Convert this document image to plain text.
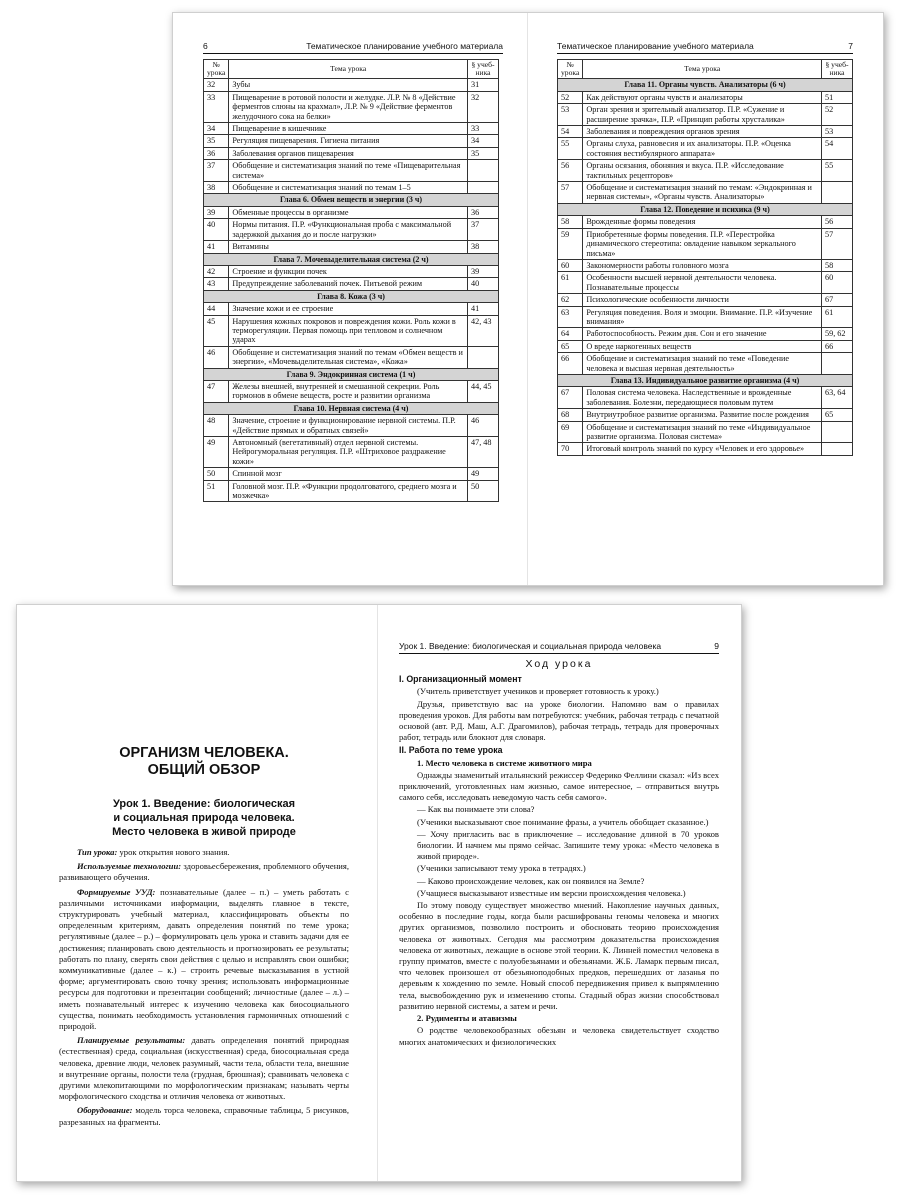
6	Тематическое планирование учебного материала	Тематическое планирование учебного материала	7
№ урока	Тема урока	§ учеб-ника
32	Зубы	31
33	Пищеварение в ротовой полости и желудке. Л.Р. № 8 «Действие ферментов слюны на крахмал», Л.Р. № 9 «Действие ферментов желудочного сока на белки»	32
34	Пищеварение в кишечнике	33
35	Регуляция пищеварения. Гигиена питания	34
36	Заболевания органов пищеварения	35
37	Обобщение и систематизация знаний по теме «Пищеварительная система»	
38	Обобщение и систематизация знаний по темам 1–5	
Глава 6. Обмен веществ и энергии (3 ч)		
39	Обменные процессы в организме	36
40	Нормы питания. П.Р. «Функциональная проба с максимальной задержкой дыхания до и после нагрузки»	37
41	Витамины	38
Глава 7. Мочевыделительная система (2 ч)		
42	Строение и функции почек	39
43	Предупреждение заболеваний почек. Питьевой режим	40
Глава 8. Кожа (3 ч)		
44	Значение кожи и ее строение	41
45	Нарушения кожных покровов и повреждения кожи. Роль кожи в терморегуляции. Первая помощь при тепловом и солнечном ударах	42, 43
46	Обобщение и систематизация знаний по темам «Обмен веществ и энергии», «Мочевыделительная система», «Кожа»	
Глава 9. Эндокринная система (1 ч)		
47	Железы внешней, внутренней и смешанной секреции. Роль гормонов в обмене веществ, росте и развитии организма	44, 45
Глава 10. Нервная система (4 ч)		
48	Значение, строение и функционирование нервной системы. П.Р. «Действие прямых и обратных связей»	46
49	Автономный (вегетативный) отдел нервной системы. Нейрогуморальная регуляция. П.Р. «Штриховое раздражение кожи»	47, 48
50	Спинной мозг	49
51	Головной мозг. П.Р. «Функции продолговатого, среднего мозга и мозжечка»	50
№ урока	Тема урока	§ учеб-ника
Глава 11. Органы чувств. Анализаторы (6 ч)		
52	Как действуют органы чувств и анализаторы	51
53	Орган зрения и зрительный анализатор. П.Р. «Сужение и расширение зрачка», П.Р. «Принцип работы хрусталика»	52
54	Заболевания и повреждения органов зрения	53
55	Органы слуха, равновесия и их анализаторы. П.Р. «Оценка состояния вестибулярного аппарата»	54
56	Органы осязания, обоняния и вкуса. П.Р. «Исследование тактильных рецепторов»	55
57	Обобщение и систематизация знаний по темам: «Эндокринная и нервная системы», «Органы чувств. Анализаторы»	
Глава 12. Поведение и психика (9 ч)		
58	Врожденные формы поведения	56
59	Приобретенные формы поведения. П.Р. «Перестройка динамического стереотипа: овладение навыком зеркального письма»	57
60	Закономерности работы головного мозга	58
61	Особенности высшей нервной деятельности человека. Познавательные процессы	60
62	Психологические особенности личности	67
63	Регуляция поведения. Воля и эмоции. Внимание. П.Р. «Изучение внимания»	61
64	Работоспособность. Режим дня. Сон и его значение	59, 62
65	О вреде наркогенных веществ	66
66	Обобщение и систематизация знаний по теме «Поведение человека и высшая нервная деятельность»	
Глава 13. Индивидуальное развитие организма (4 ч)		
67	Половая система человека. Наследственные и врожденные заболевания. Болезни, передающиеся половым путем	63, 64
68	Внутриутробное развитие организма. Развитие после рождения	65
69	Обобщение и систематизация знаний по теме «Индивидуальное развитие организма. Половая система»	
70	Итоговый контроль знаний по курсу «Человек и его здоровье»	
Урок 1. Введение: биологическая и социальная природа человека	9
ОРГАНИЗМ ЧЕЛОВЕКА.
ОБЩИЙ ОБЗОР
Урок 1. Введение: биологическая
и социальная природа человека.
Место человека в живой природе

Тип урока: урок открытия нового знания.

Используемые технологии: здоровьесбережения, проблемного обучения, развивающего обучения.

Формируемые УУД: познавательные (далее – п.) – уметь работать с различными источниками информации, выделять главное в тексте, структурировать учебный материал, классифицировать объекты по определенным критериям, давать определения понятий по теме урока; регулятивные (далее – р.) – формулировать цель урока и ставить задачи для ее достижения; планировать свою деятельность и прогнозировать ее результаты; работать по плану, сверять свои действия с целью и исправлять свои ошибки; коммуникативные (далее – к.) – строить речевые высказывания в устной форме; аргументировать свою точку зрения; использовать информационные ресурсы для подготовки и презентации сообщений; личностные (далее – л.) – иметь познавательный интерес к изучению человека как биосоциального существа, понимать необходимость установления гармоничных отношений с природой.

Планируемые результаты: давать определения понятий природная (естественная) среда, социальная (искусственная) среда, биосоциальная среда человека, древние люди, человек разумный, части тела, области тела, внешние и внутренние органы, полости тела (грудная, брюшная); сравнивать человека с другими млекопитающими по морфологическим признакам; называть черты морфологического сходства и отличия человека от животных.

Оборудование: модель торса человека, справочные таблицы, 5 рисунков, разрезанных на фрагменты.

Ход урока
I. Организационный момент

(Учитель приветствует учеников и проверяет готовность к уроку.)

Друзья, приветствую вас на уроке биологии. Напомню вам о правилах проведения уроков. Для работы вам потребуются: учебник, рабочая тетрадь с печатной основой (авт. Р.Д. Маш, А.Г. Драгомилов), рабочая тетрадь, тетрадь для проверочных работ, тетрадь или блокнот для словаря.

II. Работа по теме урока
1. Место человека в системе животного мира

Однажды знаменитый итальянский режиссер Федерико Феллини сказал: «Из всех приключений, уготовленных нам жизнью, самое интересное, – отправиться внутрь самого себя, исследовать неведомую часть себя самого».

— Как вы понимаете эти слова?

(Ученики высказывают свое понимание фразы, а учитель обобщает сказанное.)

— Хочу пригласить вас в приключение – исследование длиной в 70 уроков биологии. И начнем мы прямо сейчас. Запишите тему урока: «Место человека в живой природе».

(Ученики записывают тему урока в тетрадях.)

— Каково происхождение человек, как он появился на Земле?

(Учащиеся высказывают известные им версии происхождения человека.)

По этому поводу существует множество мнений. Накопление научных данных, особенно в последние годы, когда были расшифрованы геномы человека и многих других организмов, позволило построить и обосновать теорию происхождения человека от животных. Сегодня мы рассмотрим доказательства происхождения человека от животных, лежащие в основе этой теории. К. Линней поместил человека в группу приматов, вместе с полуобезьянами и обезьянами. Ж.Б. Ламарк первым писал, что человек произошел от обезьяноподобных предков, перешедших от лазанья по деревьям к хождению по земле. Новый способ передвижения привел к выпрямлению тела, высвобождению рук и изменению стопы. Стадный образ жизни способствовал развитию нервной системы, а затем и речи.

2. Рудименты и атавизмы

О родстве человекообразных обезьян и человека свидетельствует сходство многих анатомических и физиологических
